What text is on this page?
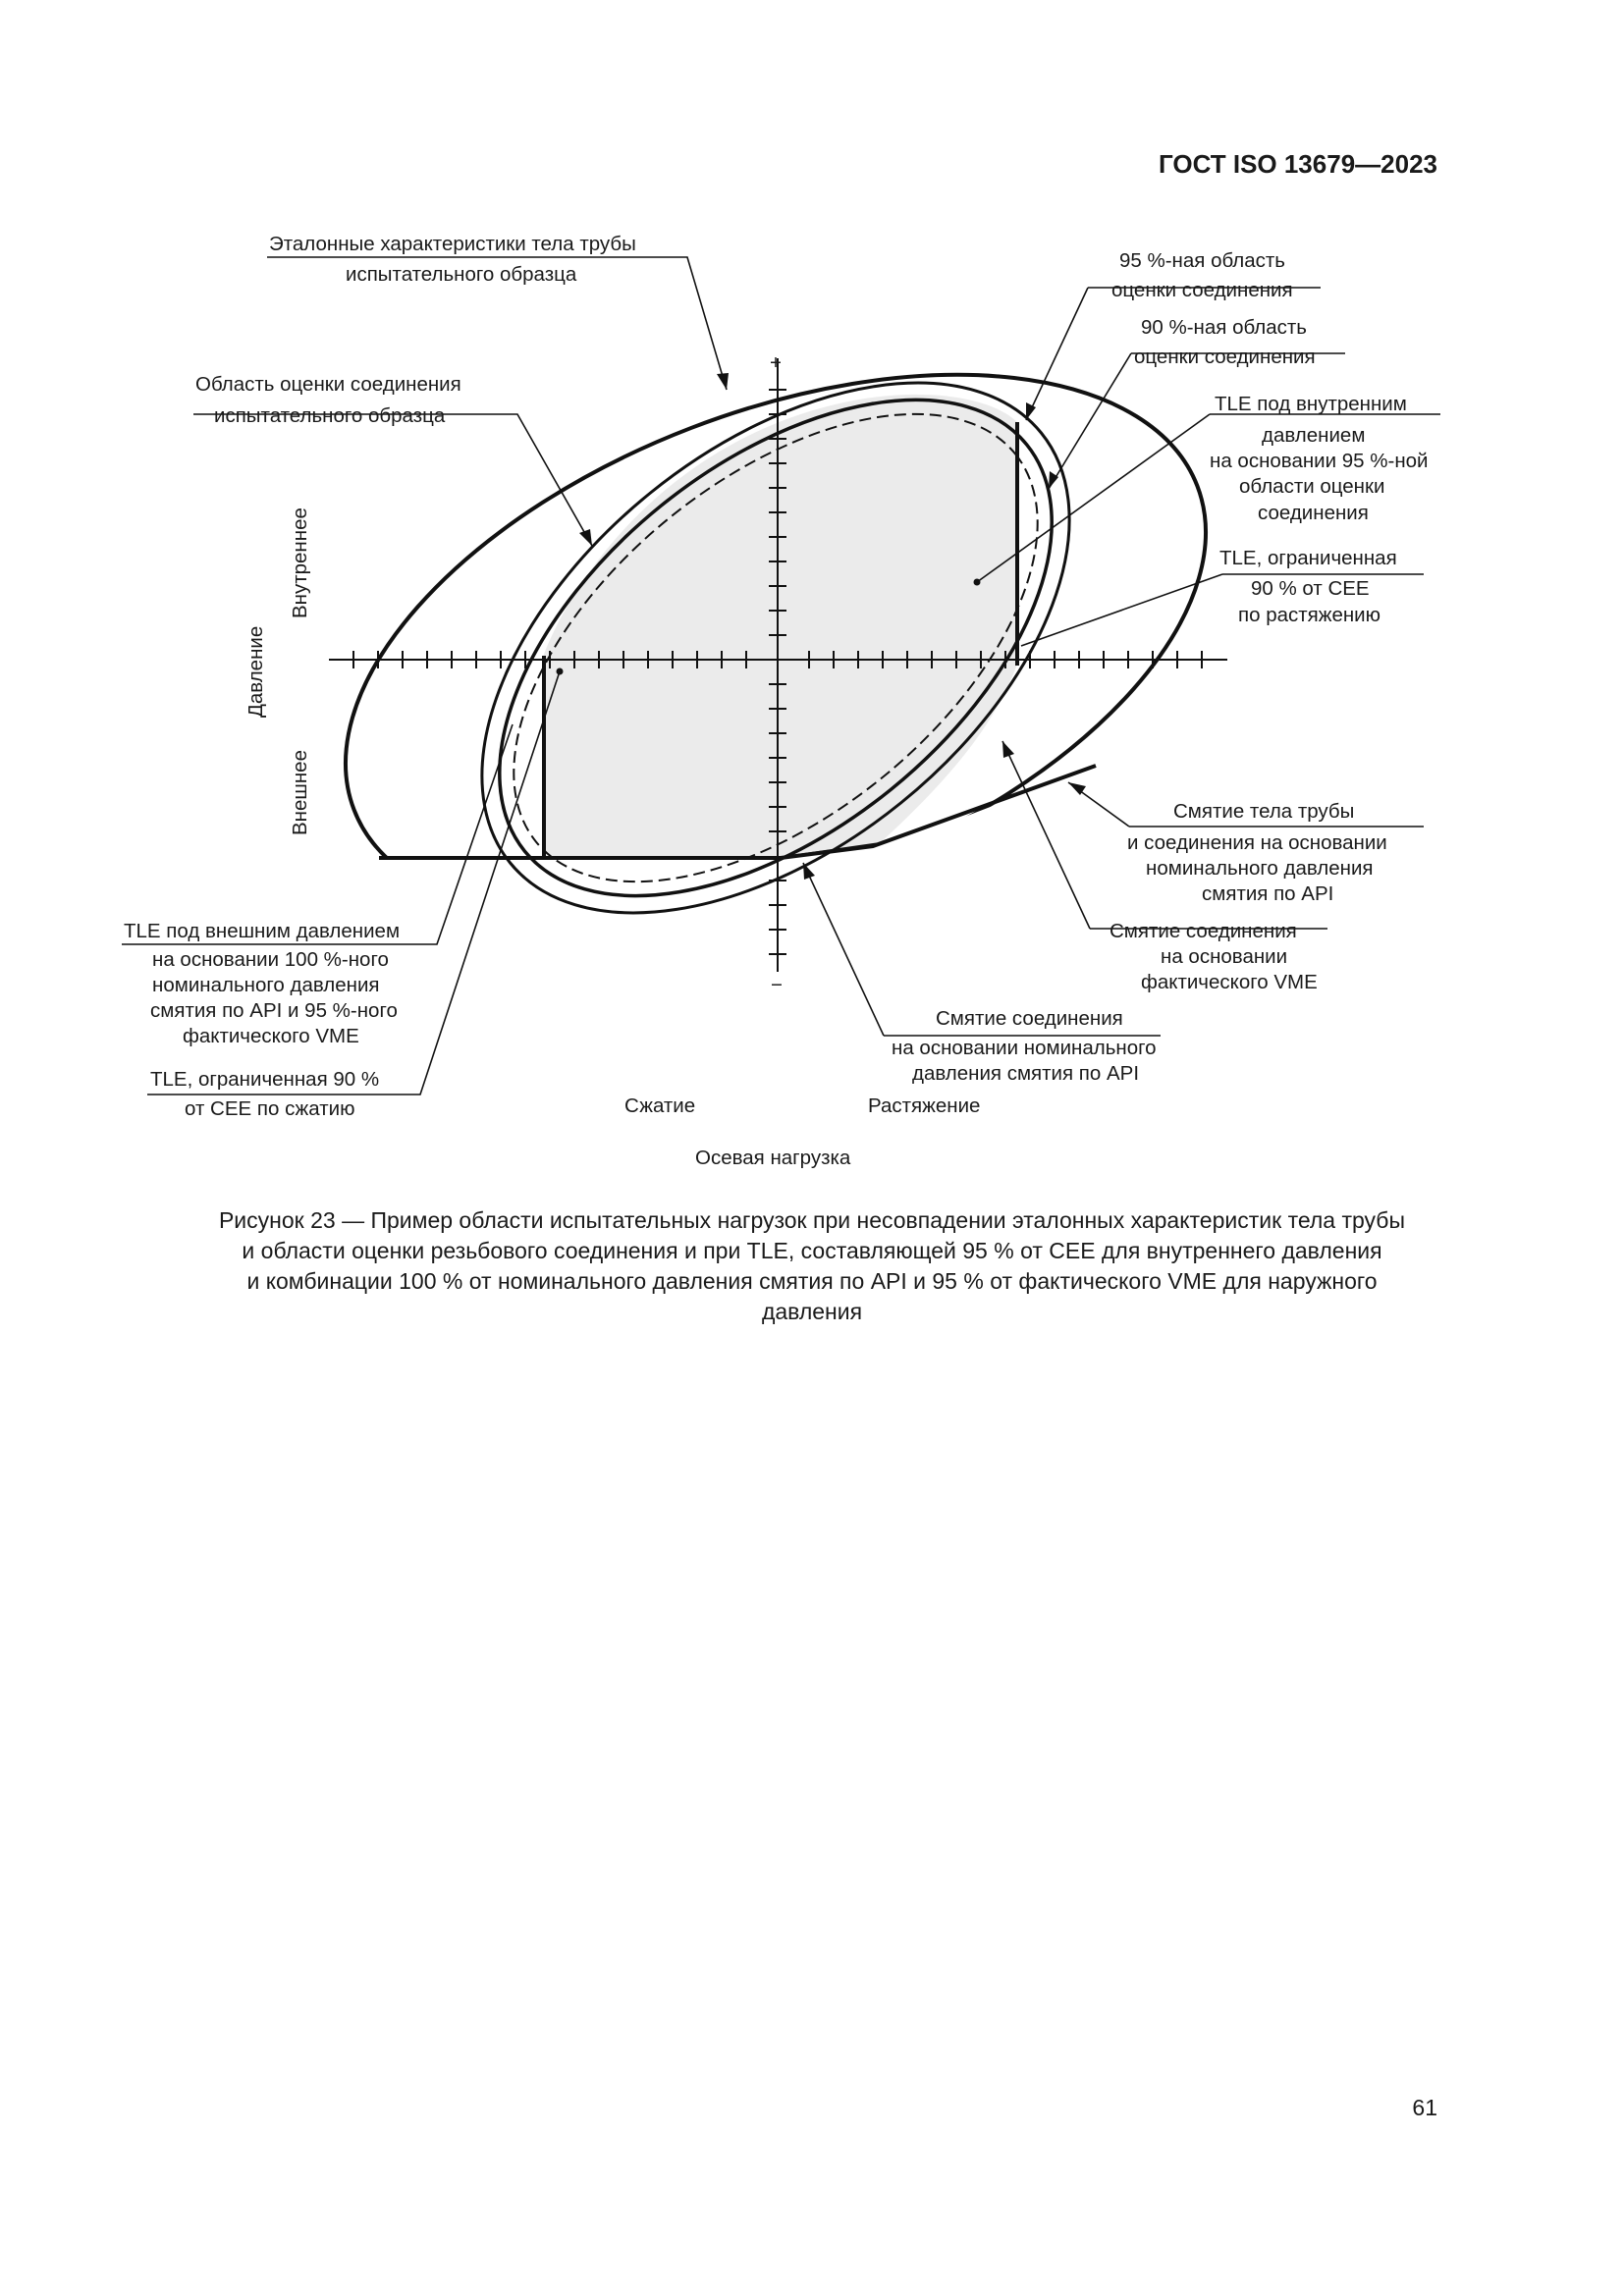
ГОСТ ISO 13679—2023
+
−
Эталонные характеристики тела трубы
испытательного образца
Область оценки соединения
испытательного образца
95 %-ная область
оценки соединения
90 %-ная область
оценки соединения
TLE под внутренним
давлением
на основании 95 %-ной
области оценки
соединения
TLE, ограниченная
90 % от CEE
по растяжению
Смятие тела трубы
и соединения на основании
номинального давления
смятия по API
Смятие соединения
на основании
фактического VME
Смятие соединения
на основании номинального
давления смятия по API
TLE под внешним давлением
на основании 100 %-ного
номинального давления
смятия по API и 95 %-ного
фактического VME
TLE, ограниченная 90 %
от CEE по сжатию
Давление
Внутреннее
Внешнее
Сжатие	Растяжение
Осевая нагрузка
Рисунок 23 — Пример области испытательных нагрузок при несовпадении эталонных характеристик тела трубы
и области оценки резьбового соединения и при TLE, составляющей 95 % от CEE для внутреннего давления
и комбинации 100 % от номинального давления смятия по API и 95 % от фактического VME для наружного
давления
61
